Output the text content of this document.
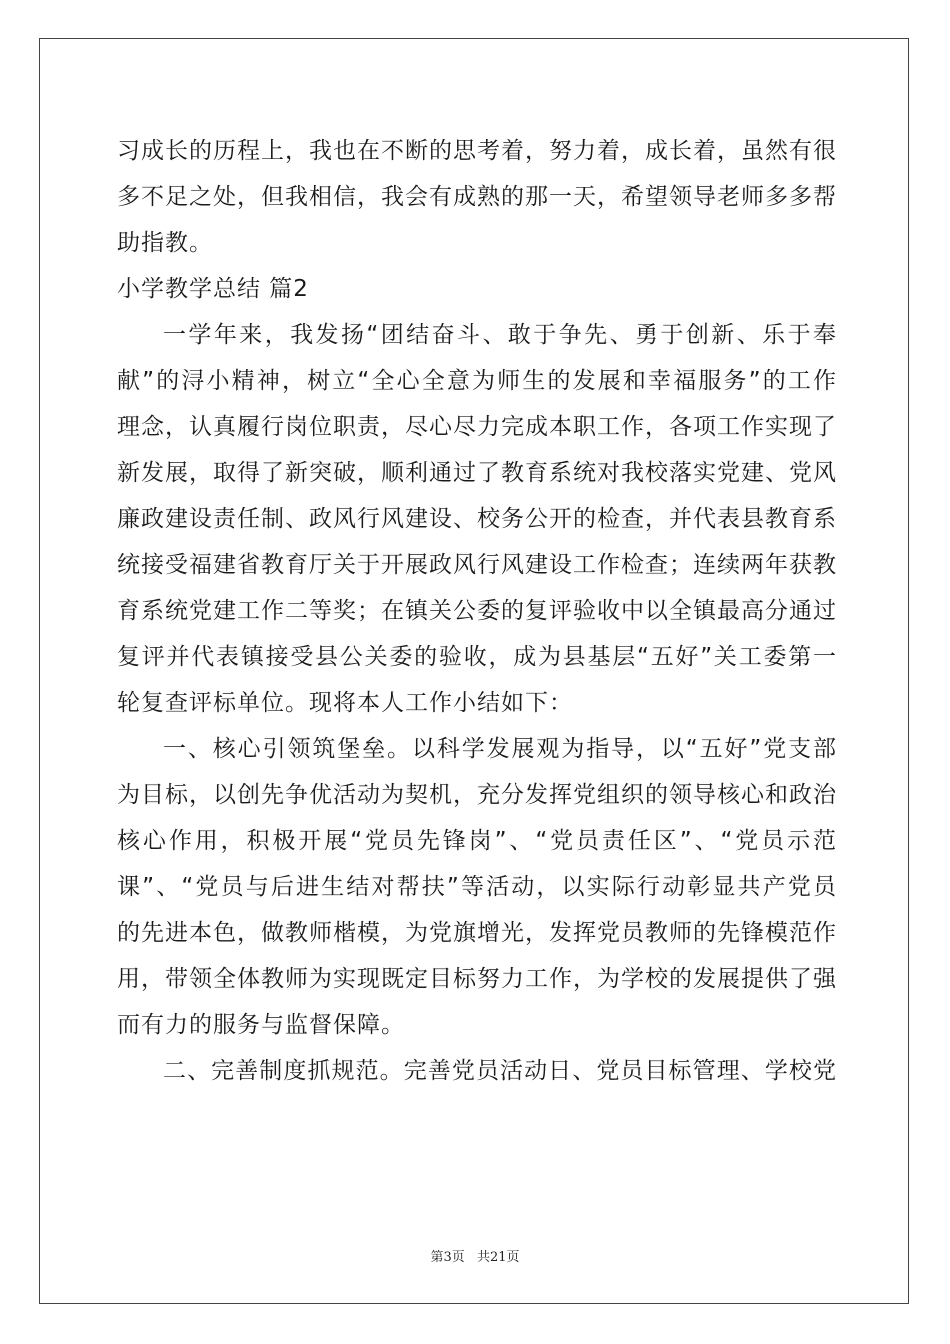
习成长的历程上，我也在不断的思考着，努力着，成长着，虽然有很
多不足之处，但我相信，我会有成熟的那一天，希望领导老师多多帮
助指教。
小学教学总结 篇2
一学年来，我发扬“团结奋斗、敢于争先、勇于创新、乐于奉
献”的浔小精神，树立“全心全意为师生的发展和幸福服务”的工作
理念，认真履行岗位职责，尽心尽力完成本职工作，各项工作实现了
新发展，取得了新突破，顺利通过了教育系统对我校落实党建、党风
廉政建设责任制、政风行风建设、校务公开的检查，并代表县教育系
统接受福建省教育厅关于开展政风行风建设工作检查；连续两年获教
育系统党建工作二等奖；在镇关公委的复评验收中以全镇最高分通过
复评并代表镇接受县公关委的验收，成为县基层“五好”关工委第一
轮复查评标单位。现将本人工作小结如下：
一、核心引领筑堡垒。以科学发展观为指导，以“五好”党支部
为目标，以创先争优活动为契机，充分发挥党组织的领导核心和政治
核心作用，积极开展“党员先锋岗”、“党员责任区”、“党员示范
课”、“党员与后进生结对帮扶”等活动，以实际行动彰显共产党员
的先进本色，做教师楷模，为党旗增光，发挥党员教师的先锋模范作
用，带领全体教师为实现既定目标努力工作，为学校的发展提供了强
而有力的服务与监督保障。
二、完善制度抓规范。完善党员活动日、党员目标管理、学校党
第3页 共21页
